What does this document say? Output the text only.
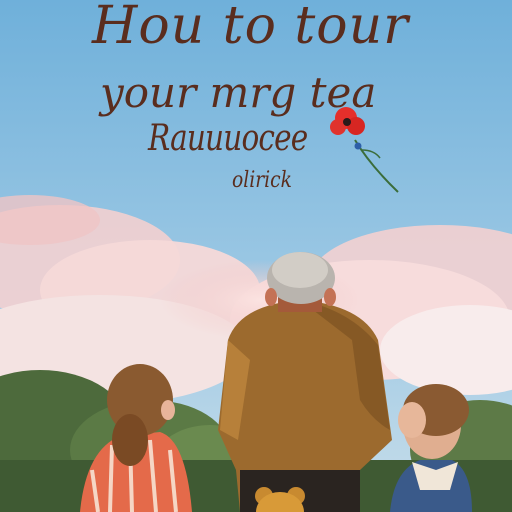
Hou to tour
your mrg tea
Rauuuocee
olirick
